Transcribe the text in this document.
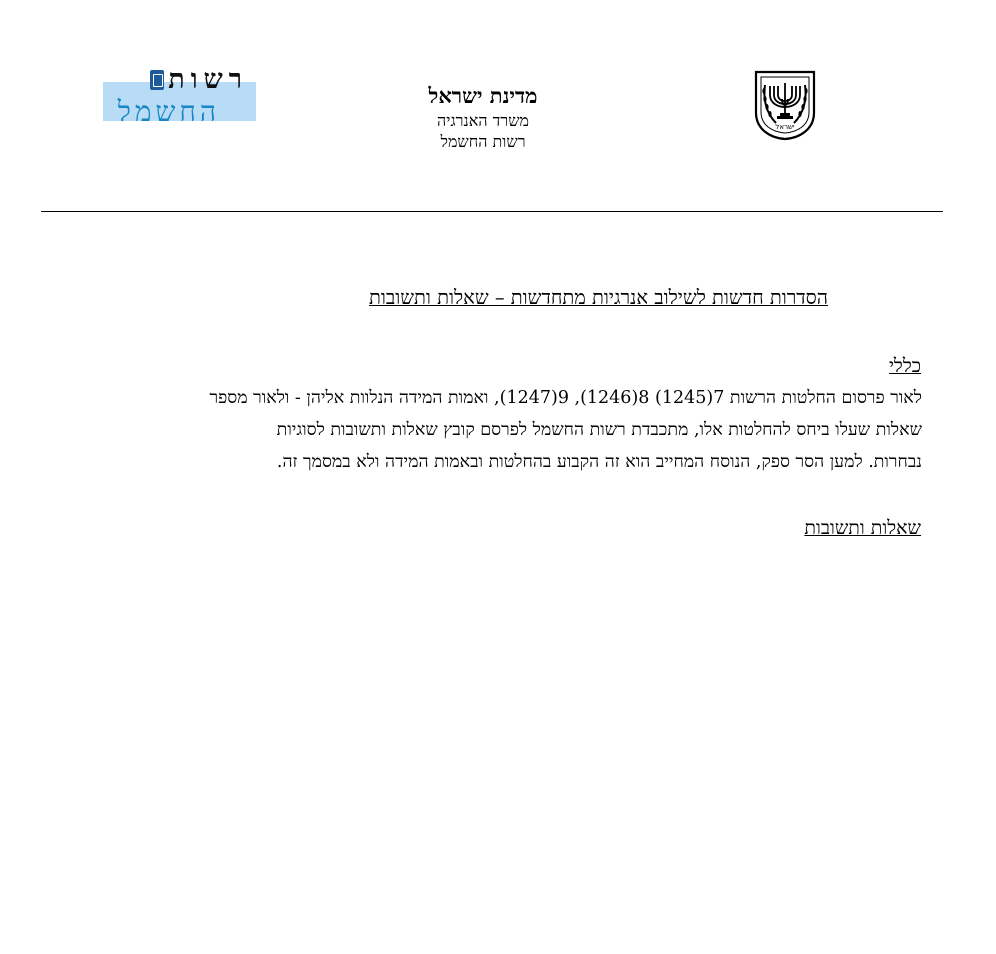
רשות
החשמל	מדינת ישראל
משרד האנרגיה
רשות החשמל
ישראל
הסדרות חדשות לשילוב אנרגיות מתחדשות – שאלות ותשובות
כללי

לאור פרסום החלטות הרשות 7(1245) 8(1246), 9(1247), ואמות המידה הנלוות אליהן - ולאור מספר

שאלות שעלו ביחס להחלטות אלו, מתכבדת רשות החשמל לפרסם קובץ שאלות ותשובות לסוגיות

נבחרות. למען הסר ספק, הנוסח המחייב הוא זה הקבוע בהחלטות ובאמות המידה ולא במסמך זה.

שאלות ותשובות
